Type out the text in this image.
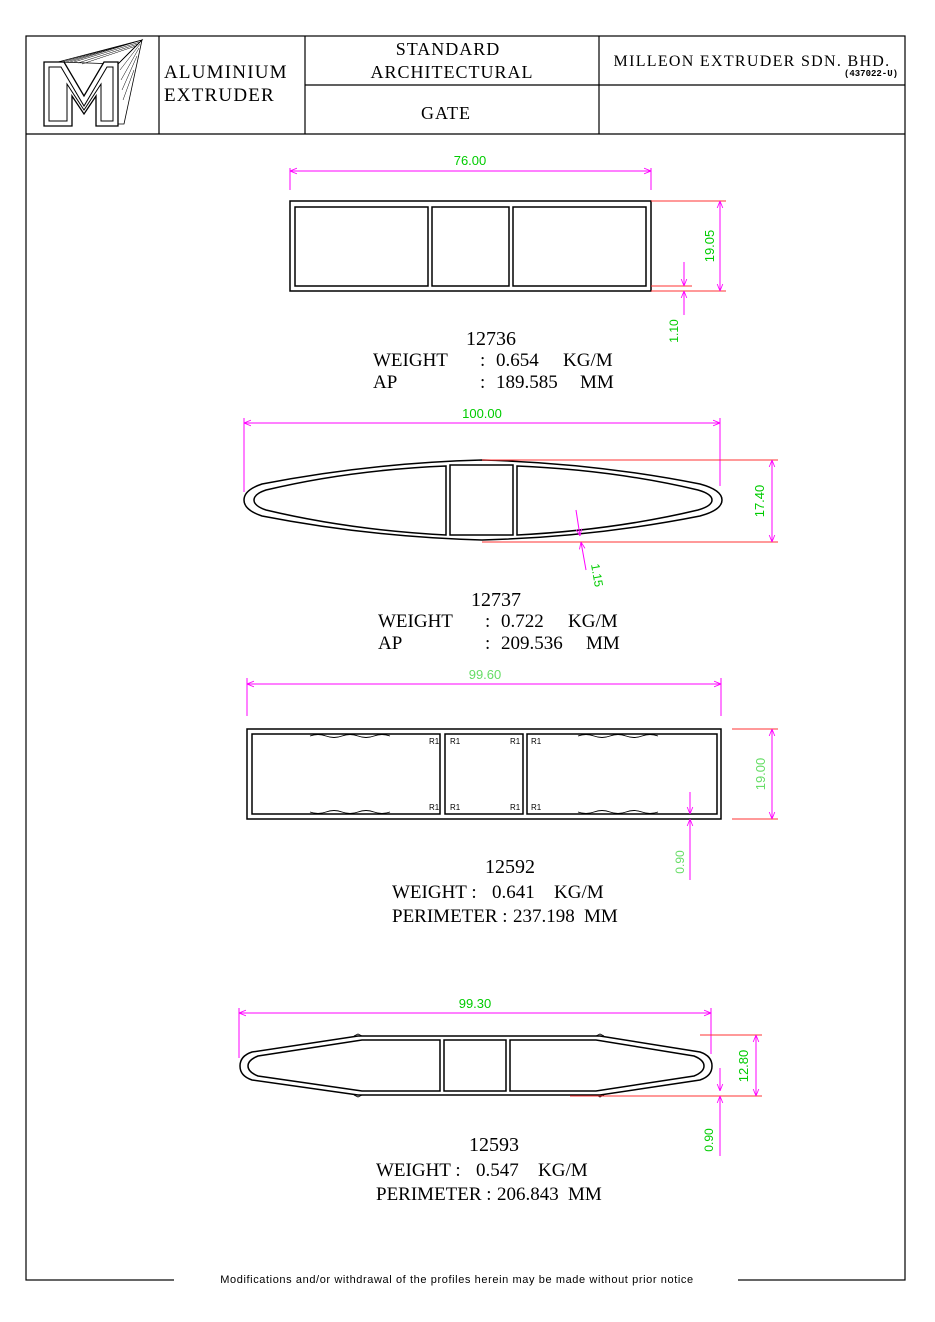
ALUMINIUM
EXTRUDER
STANDARD
ARCHITECTURAL
GATE
MILLEON EXTRUDER SDN. BHD.
(437022-U)
76.00
19.05
1.10
12736
WEIGHT : 0.654 KG/M
AP	: 189.585 MM
100.00
17.40
1.15
12737
WEIGHT : 0.722 KG/M
AP	: 209.536 MM
R1
R1
R1
R1
R1
R1
R1
R1
99.60
19.00
0.90
12592
WEIGHT : 0.641 KG/M
PERIMETER : 237.198 MM
99.30
12.80
0.90
12593
WEIGHT : 0.547 KG/M
PERIMETER : 206.843 MM
Modifications and/or withdrawal of the profiles herein may be made without prior notice
